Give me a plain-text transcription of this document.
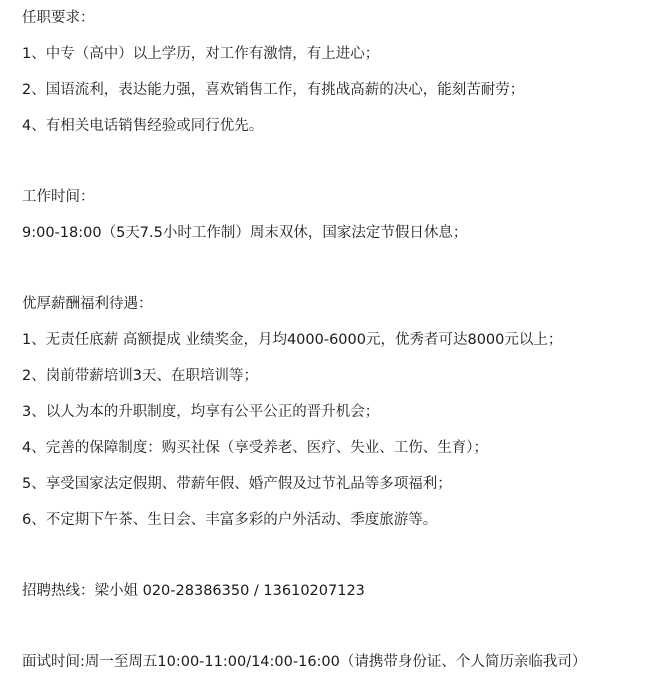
任职要求：
1、中专（高中）以上学历，对工作有激情，有上进心；
2、国语流利，表达能力强，喜欢销售工作，有挑战高薪的决心，能刻苦耐劳；
4、有相关电话销售经验或同行优先。
工作时间：
9:00-18:00（5天7.5小时工作制）周末双休，国家法定节假日休息；
优厚薪酬福利待遇：
1、无责任底薪 高额提成 业绩奖金，月均4000-6000元，优秀者可达8000元以上；
2、岗前带薪培训3天、在职培训等；
3、以人为本的升职制度，均享有公平公正的晋升机会；
4、完善的保障制度：购买社保（享受养老、医疗、失业、工伤、生育）；
5、享受国家法定假期、带薪年假、婚产假及过节礼品等多项福利；
6、不定期下午茶、生日会、丰富多彩的户外活动、季度旅游等。
招聘热线：梁小姐 020-28386350 / 13610207123
面试时间:周一至周五10:00-11:00/14:00-16:00（请携带身份证、个人简历亲临我司）
